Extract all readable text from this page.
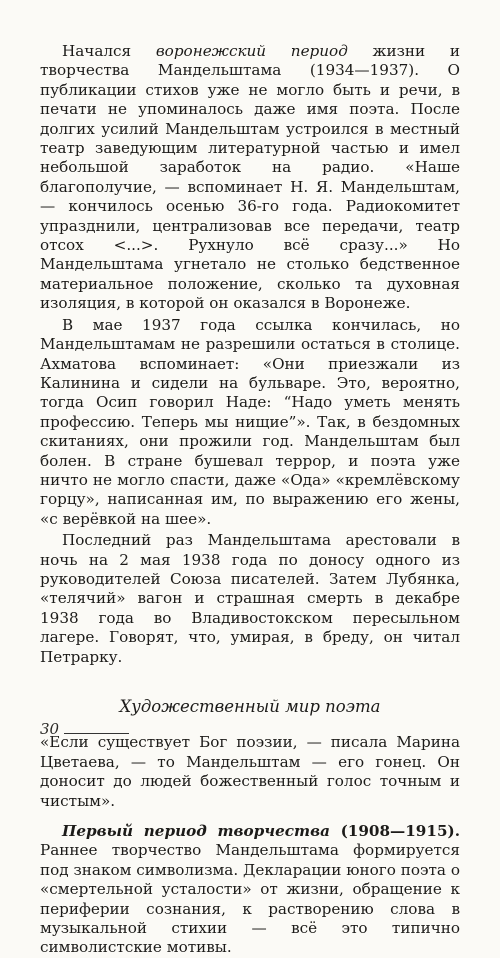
Начался воронежский период жизни и творчества Мандельштама (1934—1937). О публикации стихов уже не могло быть и речи, в печати не упоминалось даже имя поэта. После долгих усилий Мандельштам устроился в местный театр заведующим литературной частью и имел небольшой заработок на радио. «Наше благополучие, — вспоминает Н. Я. Мандельштам, — кончилось осенью 36-го года. Радиокомитет упразднили, централизовав все передачи, театр отсох <...>. Рухнуло всё сразу...» Но Мандельштама угнетало не столько бедственное материальное положение, сколько та духовная изоляция, в которой он оказался в Воронеже.

В мае 1937 года ссылка кончилась, но Мандельштамам не разрешили остаться в столице. Ахматова вспоминает: «Они приезжали из Калинина и сидели на бульваре. Это, вероятно, тогда Осип говорил Наде: “Надо уметь менять профессию. Теперь мы нищие”». Так, в бездомных скитаниях, они прожили год. Мандельштам был болен. В стране бушевал террор, и поэта уже ничто не могло спасти, даже «Ода» «кремлёвскому горцу», написанная им, по выражению его жены, «с верёвкой на шее».

Последний раз Мандельштама арестовали в ночь на 2 мая 1938 года по доносу одного из руководителей Союза писателей. Затем Лубянка, «телячий» вагон и страшная смерть в декабре 1938 года во Владивостокском пересыльном лагере. Говорят, что, умирая, в бреду, он читал Петрарку.

Художественный мир поэта

«Если существует Бог поэзии, — писала Марина Цветаева, — то Мандельштам — его гонец. Он доносит до людей божественный голос точным и чистым».

Первый период творчества (1908—1915). Раннее творчество Мандельштама формируется под знаком символизма. Декларации юного поэта о «смертельной усталости» от жизни, обращение к периферии сознания, к растворению слова в музыкальной стихии — всё это типично символистские мотивы.

30
